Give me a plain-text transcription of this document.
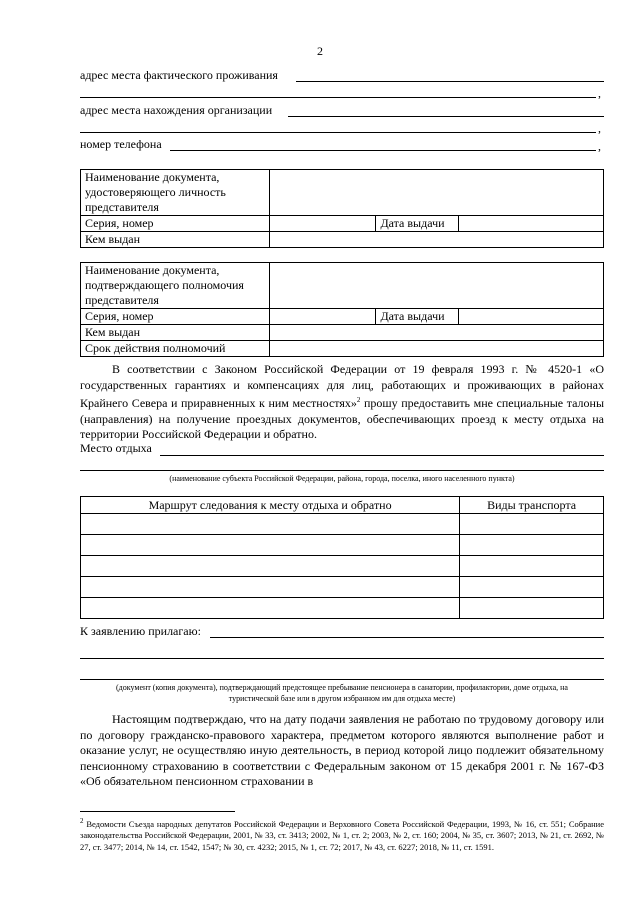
2
адрес места фактического проживания
,
адрес места нахождения организации
,
номер телефона	,
Наименование документа, удостоверяющего личность представителя			
Серия, номер		Дата выдачи	
Кем выдан			
Наименование документа, подтверждающего полномочия представителя			
Серия, номер		Дата выдачи	
Кем выдан			
Срок действия полномочий			
В соответствии с Законом Российской Федерации от 19 февраля 1993 г. № 4520-1 «О государственных гарантиях и компенсациях для лиц, работающих и проживающих в районах Крайнего Севера и приравненных к ним местностях»$^2$ прошу предоставить мне специальные талоны (направления) на получение проездных документов, обеспечивающих проезд к месту отдыха на территории Российской Федерации и обратно.
Место отдыха
(наименование субъекта Российской Федерации, района, города, поселка, иного населенного пункта)
Маршрут следования к месту отдыха и обратно	Виды транспорта

К заявлению прилагаю:
(документ (копия документа), подтверждающий предстоящее пребывание пенсионера в санатории, профилактории, доме отдыха, на туристической базе или в другом избранном им для отдыха месте)
Настоящим подтверждаю, что на дату подачи заявления не работаю по трудовому договору или по договору гражданско-правового характера, предметом которого являются выполнение работ и оказание услуг, не осуществляю иную деятельность, в период которой лицо подлежит обязательному пенсионному страхованию в соответствии с Федеральным законом от 15 декабря 2001 г. № 167-ФЗ «Об обязательном пенсионном страховании в
$^2$ Ведомости Съезда народных депутатов Российской Федерации и Верховного Совета Российской Федерации, 1993, № 16, ст. 551; Собрание законодательства Российской Федерации, 2001, № 33, ст. 3413; 2002, № 1, ст. 2; 2003, № 2, ст. 160; 2004, № 35, ст. 3607; 2013, № 21, ст. 2692, № 27, ст. 3477; 2014, № 14, ст. 1542, 1547; № 30, ст. 4232; 2015, № 1, ст. 72; 2017, № 43, ст. 6227; 2018, № 11, ст. 1591.
